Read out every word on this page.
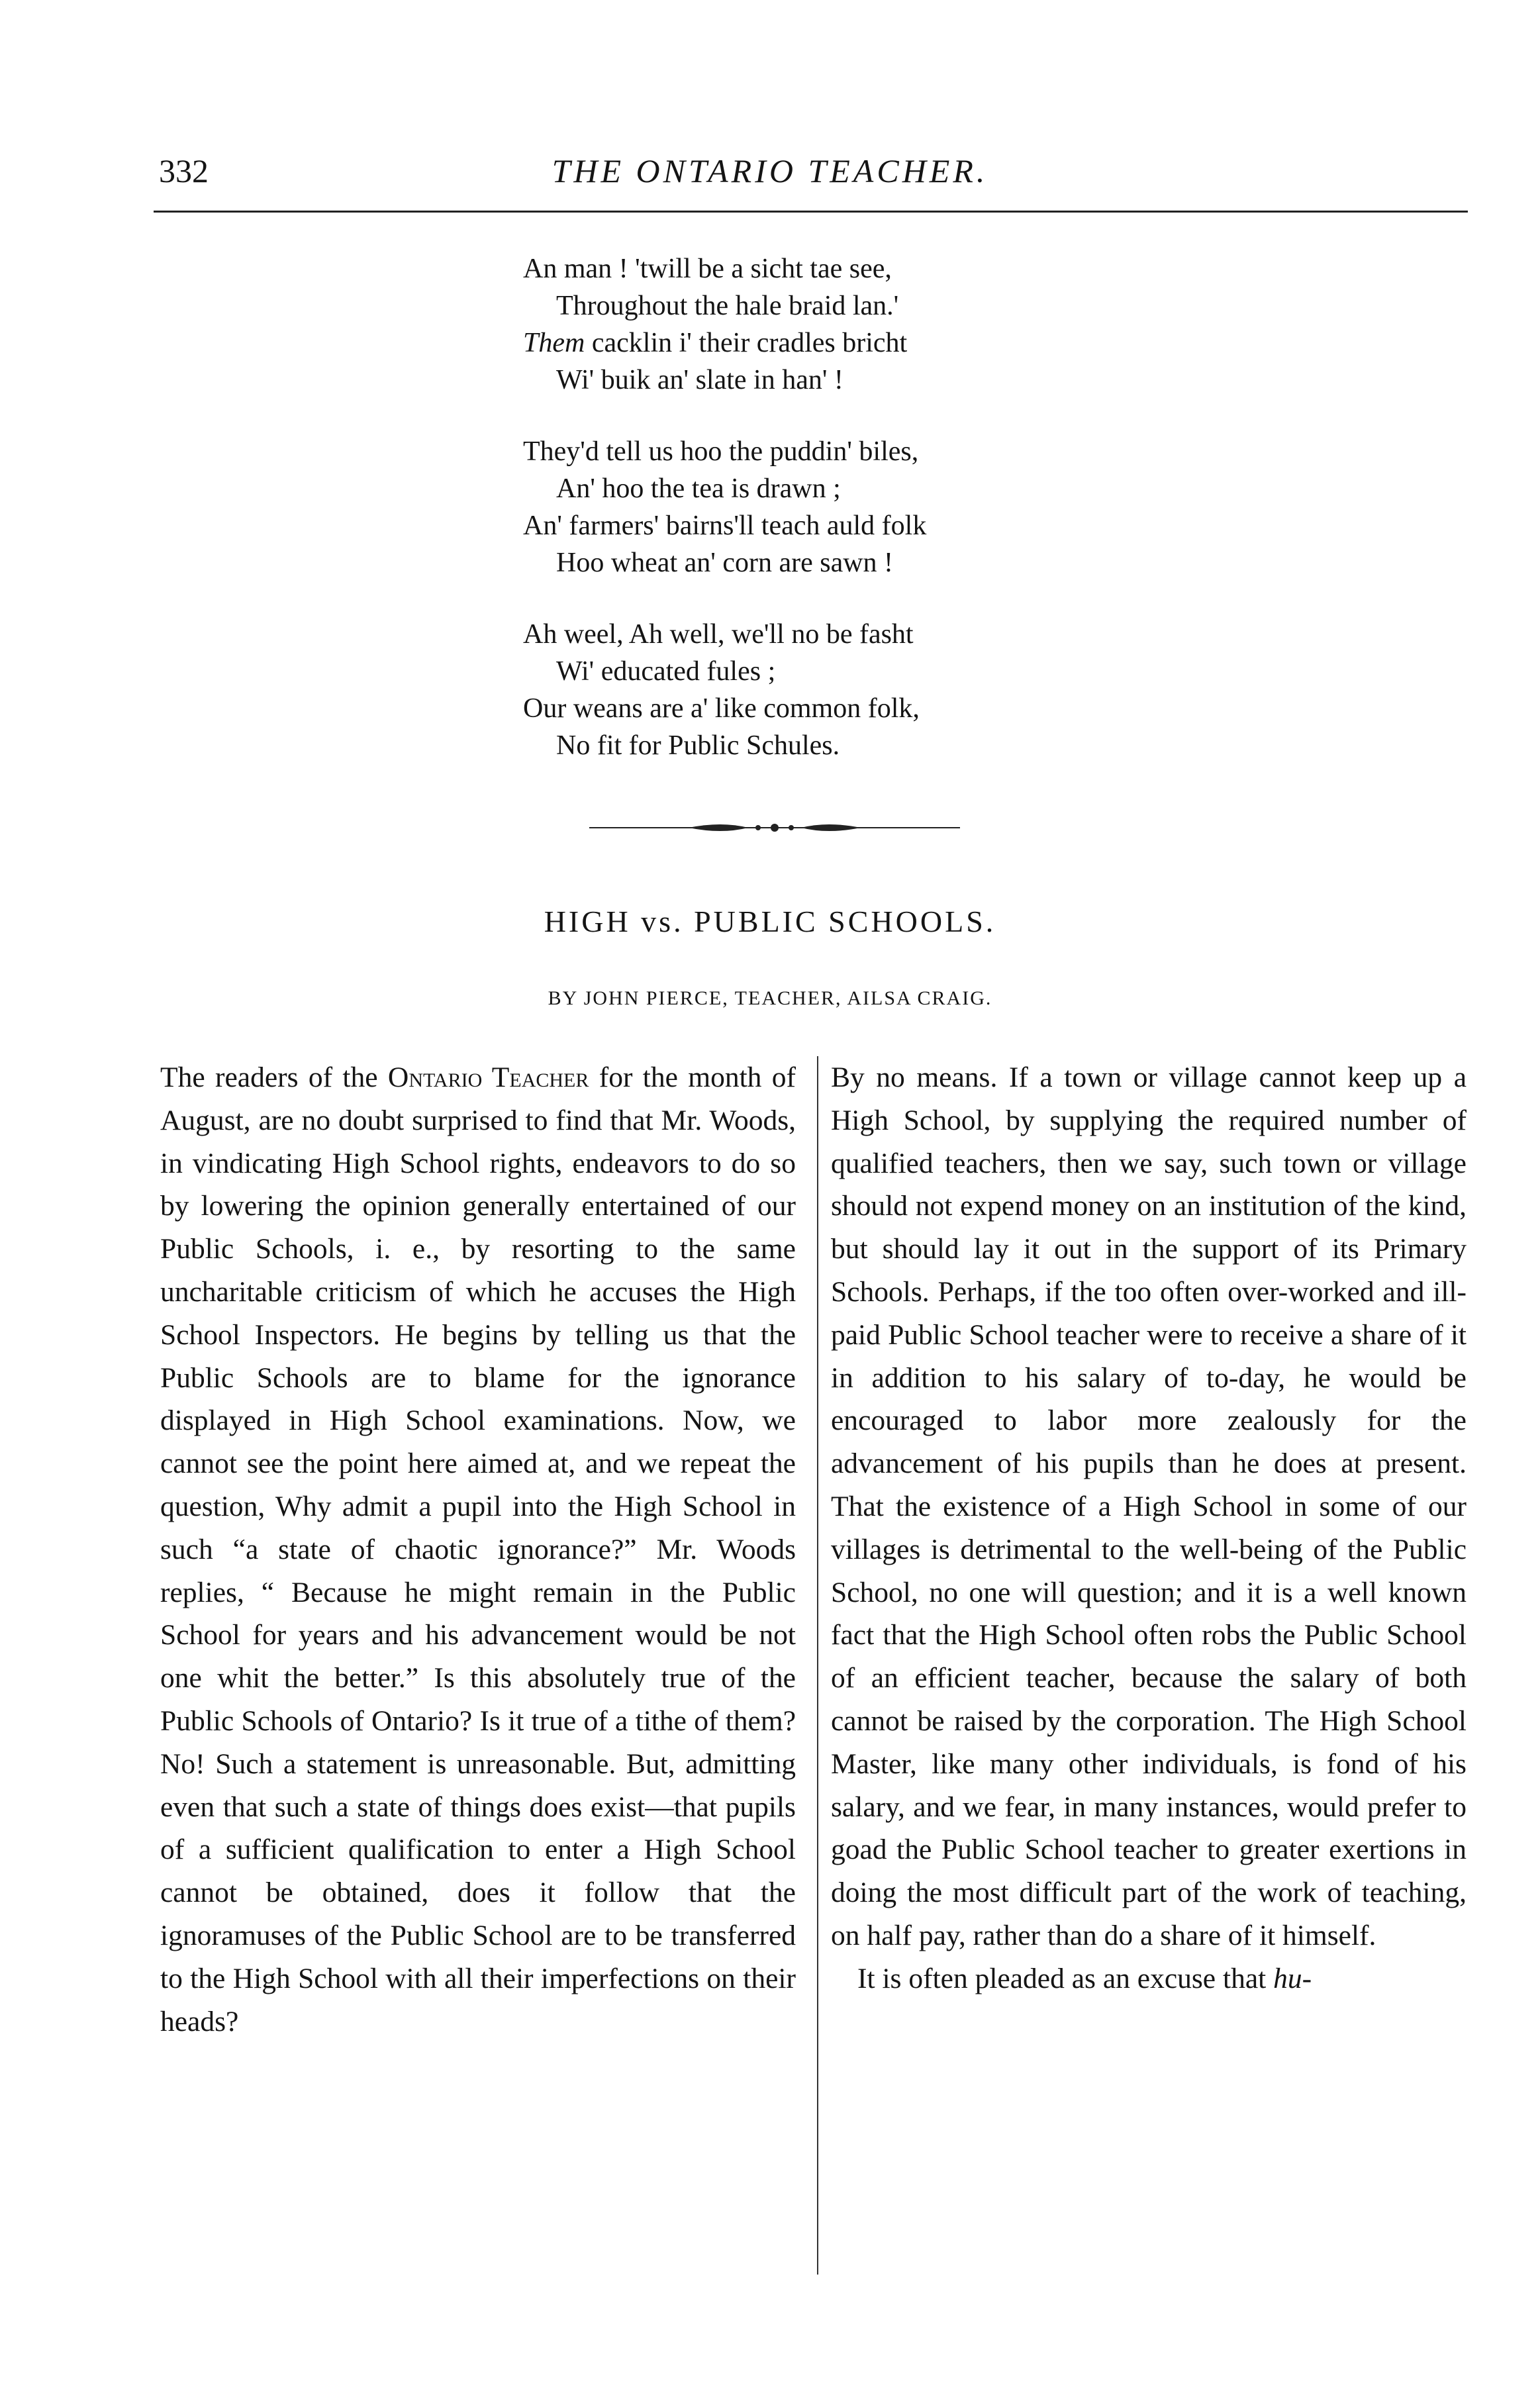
332	THE ONTARIO TEACHER.
An man ! 'twill be a sicht tae see,
Throughout the hale braid lan.'
Them cacklin i' their cradles bricht
Wi' buik an' slate in han' !
They'd tell us hoo the puddin' biles,
An' hoo the tea is drawn ;
An' farmers' bairns'll teach auld folk
Hoo wheat an' corn are sawn !
Ah weel, Ah well, we'll no be fasht
Wi' educated fules ;
Our weans are a' like common folk,
No fit for Public Schules.
HIGH vs. PUBLIC SCHOOLS.
BY JOHN PIERCE, TEACHER, AILSA CRAIG.

The readers of the Ontario Teacher for the month of August, are no doubt surprised to find that Mr. Woods, in vindicating High School rights, endeavors to do so by lowering the opinion generally entertained of our Public Schools, i. e., by resorting to the same uncharitable criticism of which he accuses the High School Inspectors. He begins by telling us that the Public Schools are to blame for the ignorance displayed in High School examinations. Now, we cannot see the point here aimed at, and we repeat the question, Why admit a pupil into the High School in such “a state of chaotic ignorance?” Mr. Woods replies, “ Because he might remain in the Public School for years and his advancement would be not one whit the better.” Is this absolutely true of the Public Schools of Ontario? Is it true of a tithe of them? No! Such a statement is unreasonable. But, admitting even that such a state of things does exist—that pupils of a sufficient qualification to enter a High School cannot be obtained, does it follow that the ignoramuses of the Public School are to be transferred to the High School with all their imperfections on their heads?

By no means. If a town or village cannot keep up a High School, by supplying the required number of qualified teachers, then we say, such town or village should not expend money on an institution of the kind, but should lay it out in the support of its Primary Schools. Perhaps, if the too often over-worked and ill-paid Public School teacher were to receive a share of it in addition to his salary of to-day, he would be encouraged to labor more zealously for the advancement of his pupils than he does at present. That the existence of a High School in some of our villages is detrimental to the well-being of the Public School, no one will question; and it is a well known fact that the High School often robs the Public School of an efficient teacher, because the salary of both cannot be raised by the corporation. The High School Master, like many other individuals, is fond of his salary, and we fear, in many instances, would prefer to goad the Public School teacher to greater exertions in doing the most difficult part of the work of teaching, on half pay, rather than do a share of it himself.

It is often pleaded as an excuse that hu-
